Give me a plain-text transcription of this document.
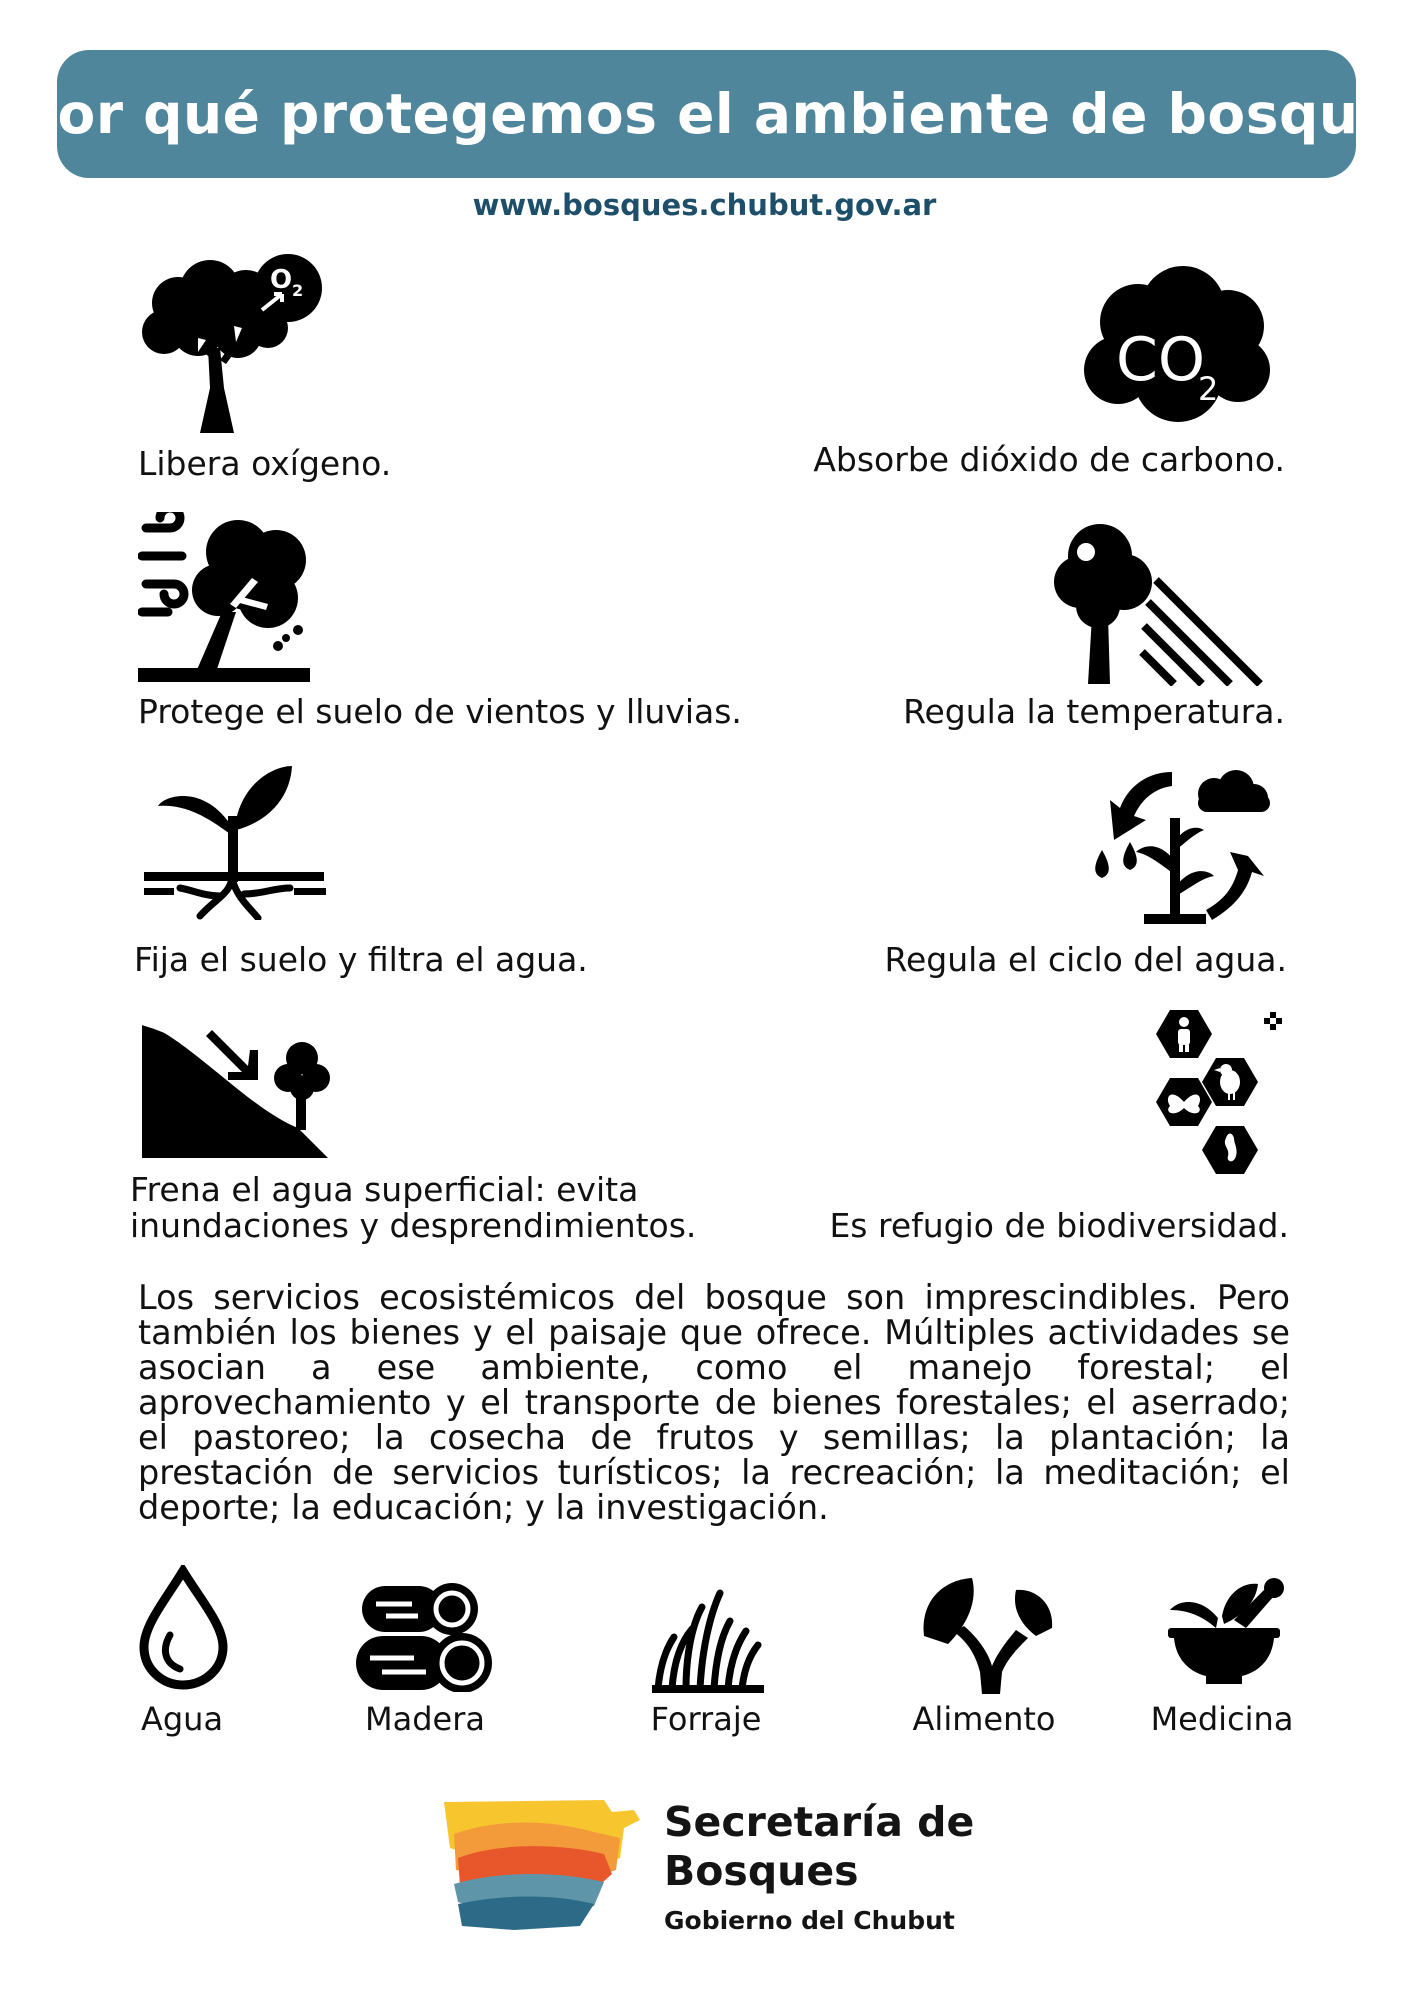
Por qué protegemos el ambiente de bosque
www.bosques.chubut.gov.ar
O 2
Libera oxígeno.
CO
2
Absorbe dióxido de carbono.
Protege el suelo de vientos y lluvias.	Regula la temperatura.
Fija el suelo y filtra el agua.	Regula el ciclo del agua.
Frena el agua superficial: evita
inundaciones y desprendimientos.	Es refugio de biodiversidad.
Los servicios ecosistémicos del bosque son imprescindibles. Pero también los bienes y el paisaje que ofrece. Múltiples actividades se asocian a ese ambiente, como el manejo forestal; el aprovechamiento y el transporte de bienes forestales; el aserrado; el pastoreo; la cosecha de frutos y semillas; la plantación; la prestación de servicios turísticos; la recreación; la meditación; el deporte; la educación; y la investigación.
Agua	Madera	Forraje	Alimento	Medicina
Secretaría de
Bosques
Gobierno del Chubut
